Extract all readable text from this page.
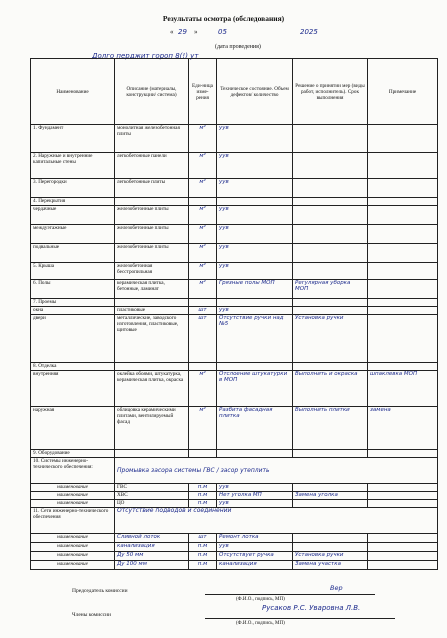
Результаты осмотра (обследования)
« 29 »	05	2025
(дата проведения)
Долго перджит гороп 8(!) ут
Наименование	Описание (материалы, конструкции/ система)	Еди-ница изме-рения	Техническое состояние. Объем дефектов/ количество	Решение о принятии мер (виды работ, исполнитель). Срок выполнения	Примечание
1. Фундамент	монолитная железобетонная плиты	м²	уув		
2. Наружные и внутренние капитальные стены	легкобетонные панели	м²	уув		
3. Перегородки	легкобетонные плиты	м²	уув		
4. Перекрытия					
чердачные	железобетонные плиты	м²	уув		
междуэтажные	железобетонные плиты	м²	уув		
подвальные	железобетонные плиты	м²	уув		
5. Крыша	железобетонная бесстропильная	м²	уув		
6. Полы	керамическая плитка, бетонные, ламинат	м²	Грязные полы МОП	Регулярная уборка МОП	
7. Проемы					
окна	пластиковые	шт	уув		
двери	металлические, заводского изготовления, пластиковые, щитовые	шт	Отсутствие ручки над №5	Установка ручки	
8. Отделка					
внутренняя	оклейка обоями, штукатурка, керамическая плитка, окраска	м²	Отслоение штукатурки в МОП	Выполнить и окраска	шпаклевка МОП
наружная	облицовка керамическими плитами, вентилируемый фасад	м²	Разбита фасадная плитка	Выполнить плитки	замена
9. Оборудование					
10. Системы инженерно-технического обеспечения:	Промывка засора системы ГВС / засор утеплить				
наименование	ГВС	п.м	уув		
наименование	ХВС	п.м	Нет уголка МП	Замена уголка	
наименование	ЦО	п.м	уув		
11. Сети инженерно-технического обеспечения	Отсутствие подводов и соединений				
наименование	Сливной лоток	шт	Ремонт лотка		
наименование	канализация	п.м	уув		
наименование	Ду 50 мм	п.м	Отсутствует ручка	Установка ручки	
наименование	Ду 100 мм	п.м	канализация	Замена участка	
Председатель комиссии	Вер
(Ф.И.О., подпись, МП)
Члены комиссии
Русаков Р.С. Уваровна Л.В.
(Ф.И.О., подпись, МП)
